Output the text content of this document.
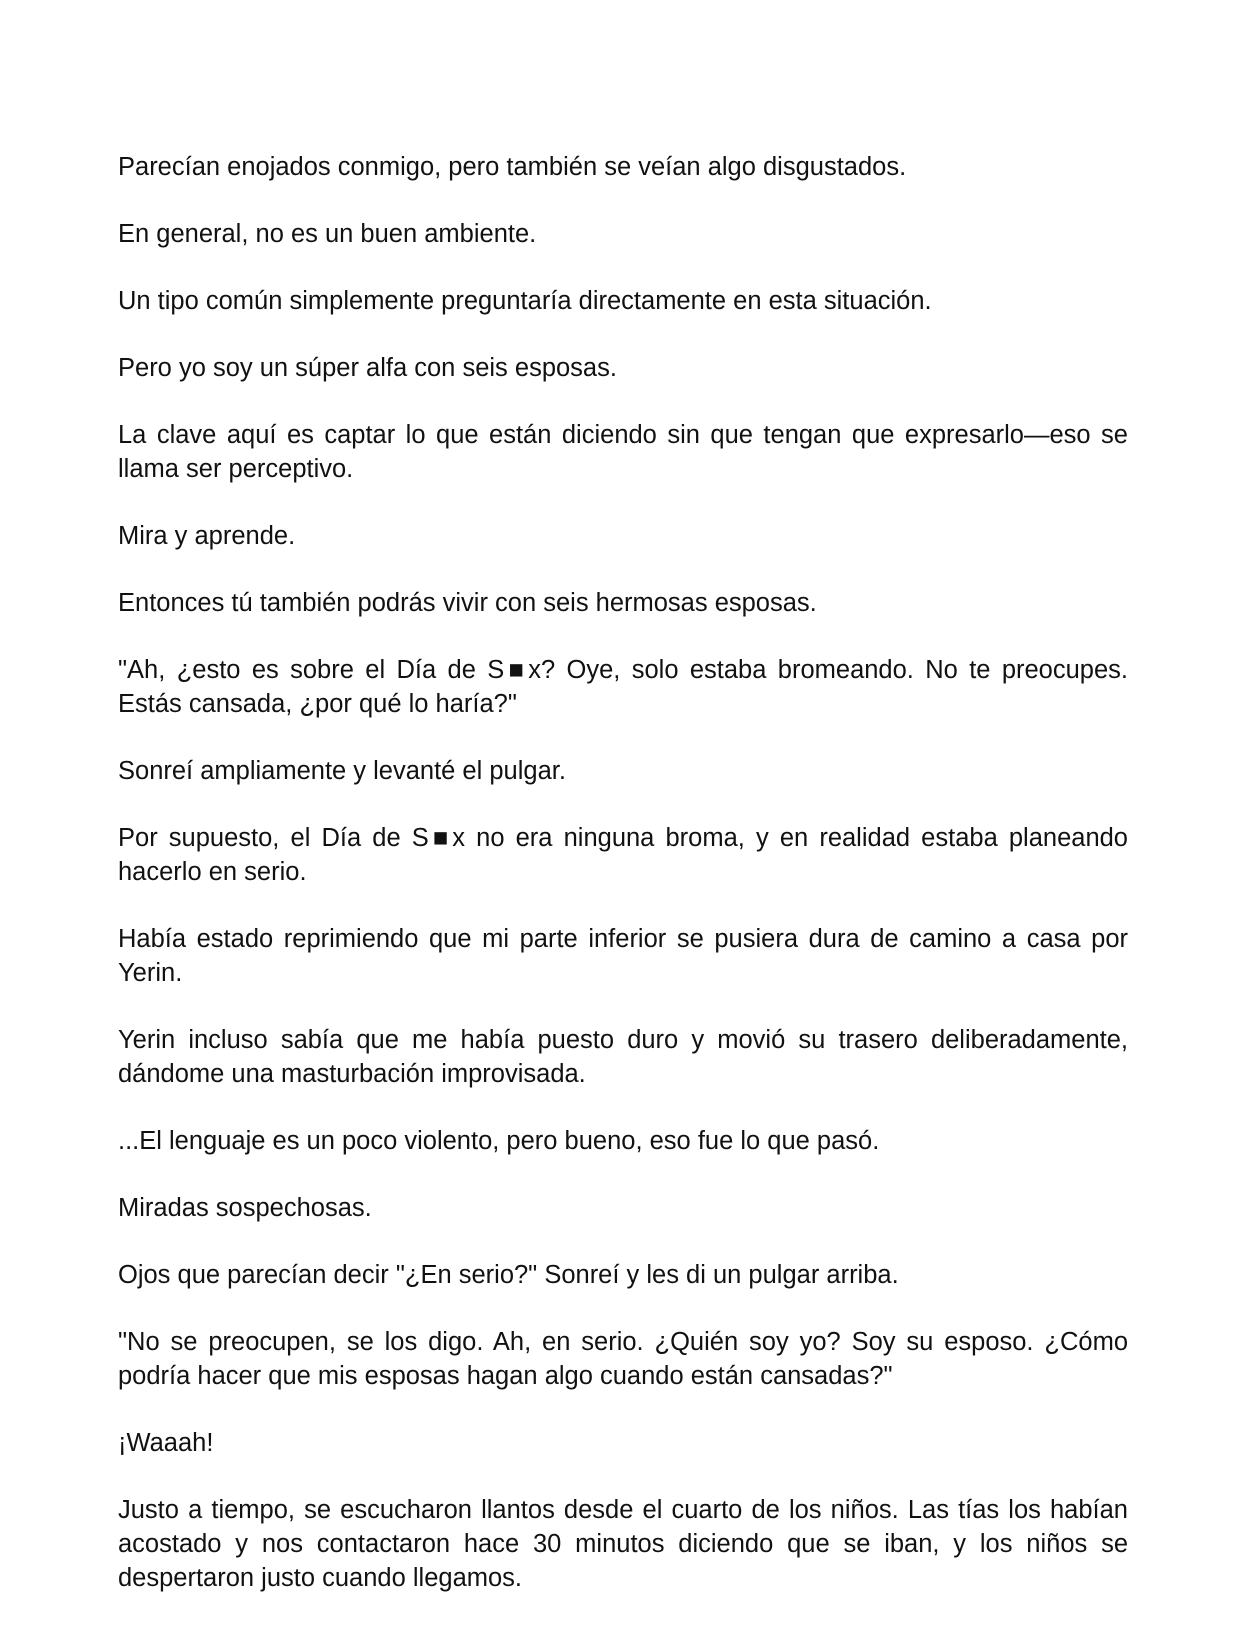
Parecían enojados conmigo, pero también se veían algo disgustados.

En general, no es un buen ambiente.

Un tipo común simplemente preguntaría directamente en esta situación.

Pero yo soy un súper alfa con seis esposas.

La clave aquí es captar lo que están diciendo sin que tengan que expresarlo—eso se llama ser perceptivo.

Mira y aprende.

Entonces tú también podrás vivir con seis hermosas esposas.

"Ah, ¿esto es sobre el Día de S■x? Oye, solo estaba bromeando. No te preocupes. Estás cansada, ¿por qué lo haría?"

Sonreí ampliamente y levanté el pulgar.

Por supuesto, el Día de S■x no era ninguna broma, y en realidad estaba planeando hacerlo en serio.

Había estado reprimiendo que mi parte inferior se pusiera dura de camino a casa por Yerin.

Yerin incluso sabía que me había puesto duro y movió su trasero deliberadamente, dándome una masturbación improvisada.

...El lenguaje es un poco violento, pero bueno, eso fue lo que pasó.

Miradas sospechosas.

Ojos que parecían decir "¿En serio?" Sonreí y les di un pulgar arriba.

"No se preocupen, se los digo. Ah, en serio. ¿Quién soy yo? Soy su esposo. ¿Cómo podría hacer que mis esposas hagan algo cuando están cansadas?"

¡Waaah!

Justo a tiempo, se escucharon llantos desde el cuarto de los niños. Las tías los habían acostado y nos contactaron hace 30 minutos diciendo que se iban, y los niños se despertaron justo cuando llegamos.
